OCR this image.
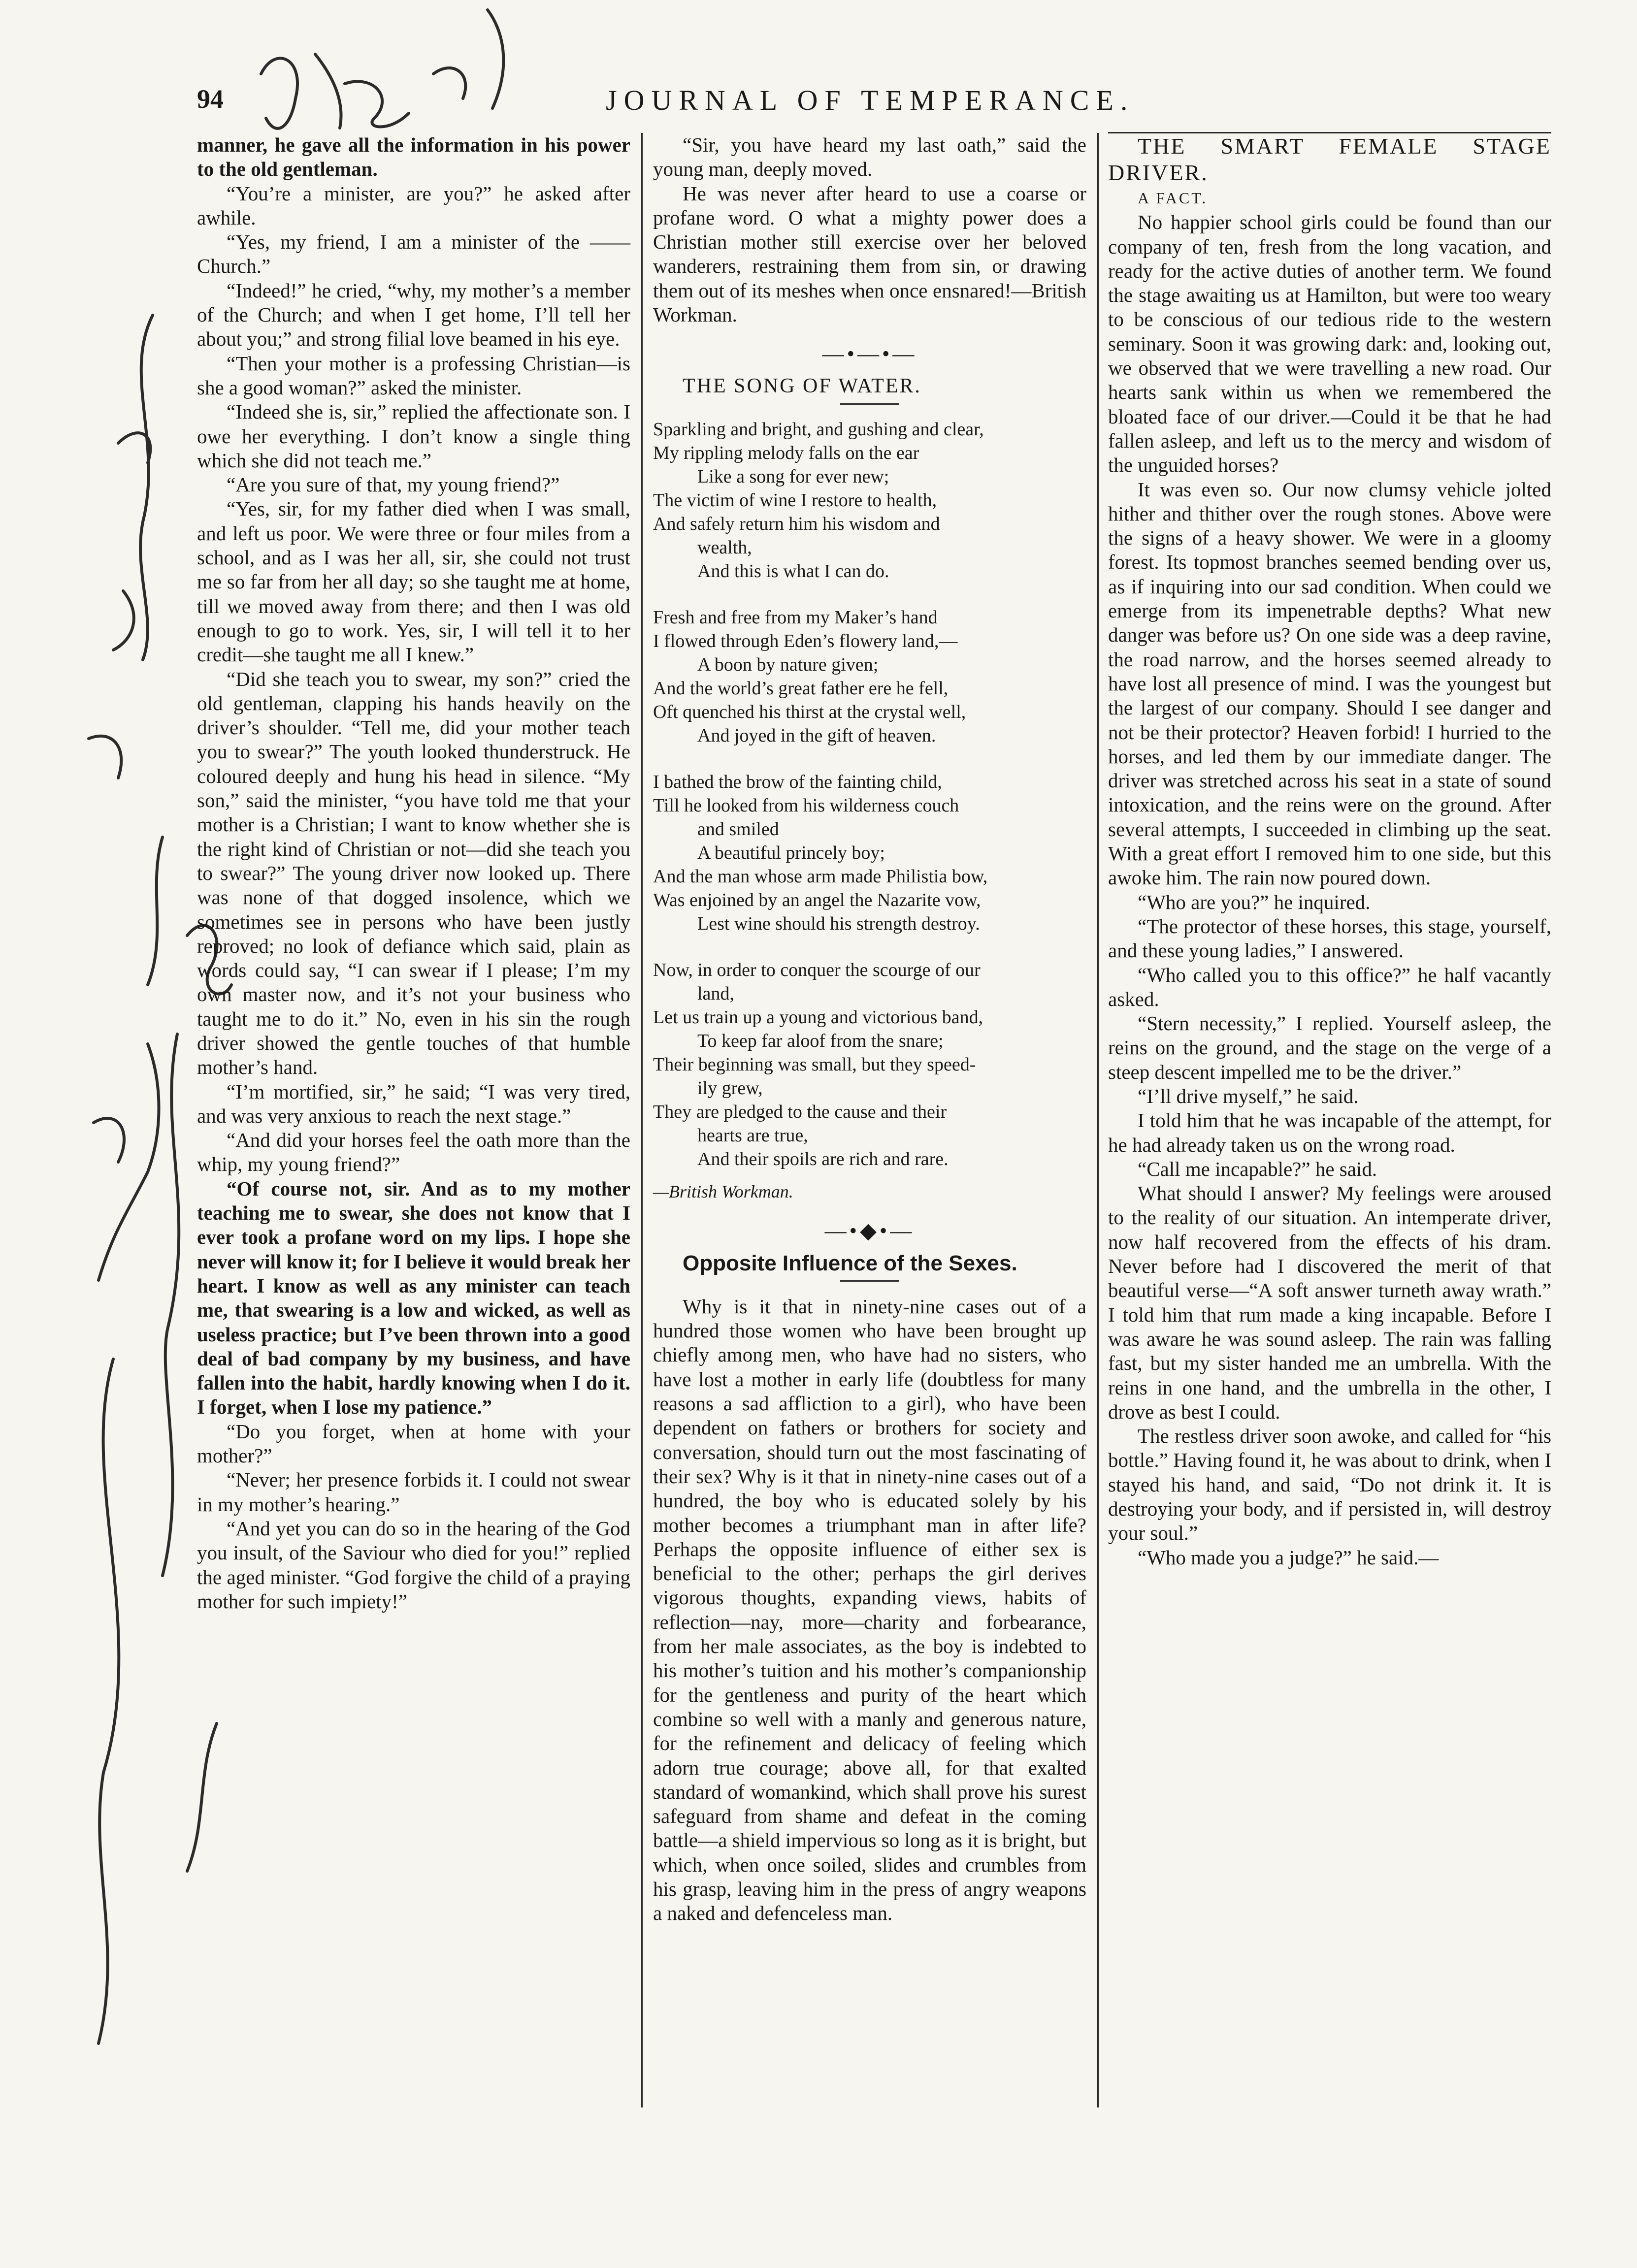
94	JOURNAL OF TEMPERANCE.

manner, he gave all the information in his power to the old gentleman.

“You’re a minister, are you?” he asked after awhile.

“Yes, my friend, I am a minister of the —— Church.”

“Indeed!” he cried, “why, my mother’s a member of the Church; and when I get home, I’ll tell her about you;” and strong filial love beamed in his eye.

“Then your mother is a professing Christian—is she a good woman?” asked the minister.

“Indeed she is, sir,” replied the affectionate son. I owe her everything. I don’t know a single thing which she did not teach me.”

“Are you sure of that, my young friend?”

“Yes, sir, for my father died when I was small, and left us poor. We were three or four miles from a school, and as I was her all, sir, she could not trust me so far from her all day; so she taught me at home, till we moved away from there; and then I was old enough to go to work. Yes, sir, I will tell it to her credit—she taught me all I knew.”

“Did she teach you to swear, my son?” cried the old gentleman, clapping his hands heavily on the driver’s shoulder. “Tell me, did your mother teach you to swear?” The youth looked thunderstruck. He coloured deeply and hung his head in silence. “My son,” said the minister, “you have told me that your mother is a Christian; I want to know whether she is the right kind of Christian or not—did she teach you to swear?” The young driver now looked up. There was none of that dogged insolence, which we sometimes see in persons who have been justly reproved; no look of defiance which said, plain as words could say, “I can swear if I please; I’m my own master now, and it’s not your business who taught me to do it.” No, even in his sin the rough driver showed the gentle touches of that humble mother’s hand.

“I’m mortified, sir,” he said; “I was very tired, and was very anxious to reach the next stage.”

“And did your horses feel the oath more than the whip, my young friend?”

“Of course not, sir. And as to my mother teaching me to swear, she does not know that I ever took a profane word on my lips. I hope she never will know it; for I believe it would break her heart. I know as well as any minister can teach me, that swearing is a low and wicked, as well as useless practice; but I’ve been thrown into a good deal of bad company by my business, and have fallen into the habit, hardly knowing when I do it. I forget, when I lose my patience.”

“Do you forget, when at home with your mother?”

“Never; her presence forbids it. I could not swear in my mother’s hearing.”

“And yet you can do so in the hearing of the God you insult, of the Saviour who died for you!” replied the aged minister. “God forgive the child of a praying mother for such impiety!”

“Sir, you have heard my last oath,” said the young man, deeply moved.

He was never after heard to use a coarse or profane word. O what a mighty power does a Christian mother still exercise over her beloved wanderers, restraining them from sin, or drawing them out of its meshes when once ensnared!—British Workman.

—•—•—

THE SONG OF WATER.

Sparkling and bright, and gushing and clear,

My rippling melody falls on the ear

Like a song for ever new;

The victim of wine I restore to health,

And safely return him his wisdom and

wealth,

And this is what I can do.

Fresh and free from my Maker’s hand

I flowed through Eden’s flowery land,—

A boon by nature given;

And the world’s great father ere he fell,

Oft quenched his thirst at the crystal well,

And joyed in the gift of heaven.

I bathed the brow of the fainting child,

Till he looked from his wilderness couch

and smiled

A beautiful princely boy;

And the man whose arm made Philistia bow,

Was enjoined by an angel the Nazarite vow,

Lest wine should his strength destroy.

Now, in order to conquer the scourge of our

land,

Let us train up a young and victorious band,

To keep far aloof from the snare;

Their beginning was small, but they speed-

ily grew,

They are pledged to the cause and their

hearts are true,

And their spoils are rich and rare.

—British Workman.

—•◆•—

Opposite Influence of the Sexes.

Why is it that in ninety-nine cases out of a hundred those women who have been brought up chiefly among men, who have had no sisters, who have lost a mother in early life (doubtless for many reasons a sad affliction to a girl), who have been dependent on fathers or brothers for society and conversation, should turn out the most fascinating of their sex? Why is it that in ninety-nine cases out of a hundred, the boy who is educated solely by his mother becomes a triumphant man in after life? Perhaps the opposite influence of either sex is beneficial to the other; perhaps the girl derives vigorous thoughts, expanding views, habits of reflection—nay, more—charity and forbearance, from her male associates, as the boy is indebted to his mother’s tuition and his mother’s companionship for the gentleness and purity of the heart which combine so well with a manly and generous nature, for the refinement and delicacy of feeling which adorn true courage; above all, for that exalted standard of womankind, which shall prove his surest safeguard from shame and defeat in the coming battle—a shield impervious so long as it is bright, but which, when once soiled, slides and crumbles from his grasp, leaving him in the press of angry weapons a naked and defenceless man.

THE SMART FEMALE STAGE DRIVER.

A FACT.

No happier school girls could be found than our company of ten, fresh from the long vacation, and ready for the active duties of another term. We found the stage awaiting us at Hamilton, but were too weary to be conscious of our tedious ride to the western seminary. Soon it was growing dark: and, looking out, we observed that we were travelling a new road. Our hearts sank within us when we remembered the bloated face of our driver.—Could it be that he had fallen asleep, and left us to the mercy and wisdom of the unguided horses?

It was even so. Our now clumsy vehicle jolted hither and thither over the rough stones. Above were the signs of a heavy shower. We were in a gloomy forest. Its topmost branches seemed bending over us, as if inquiring into our sad condition. When could we emerge from its impenetrable depths? What new danger was before us? On one side was a deep ravine, the road narrow, and the horses seemed already to have lost all presence of mind. I was the youngest but the largest of our company. Should I see danger and not be their protector? Heaven forbid! I hurried to the horses, and led them by our immediate danger. The driver was stretched across his seat in a state of sound intoxication, and the reins were on the ground. After several attempts, I succeeded in climbing up the seat. With a great effort I removed him to one side, but this awoke him. The rain now poured down.

“Who are you?” he inquired.

“The protector of these horses, this stage, yourself, and these young ladies,” I answered.

“Who called you to this office?” he half vacantly asked.

“Stern necessity,” I replied. Yourself asleep, the reins on the ground, and the stage on the verge of a steep descent impelled me to be the driver.”

“I’ll drive myself,” he said.

I told him that he was incapable of the attempt, for he had already taken us on the wrong road.

“Call me incapable?” he said.

What should I answer? My feelings were aroused to the reality of our situation. An intemperate driver, now half recovered from the effects of his dram. Never before had I discovered the merit of that beautiful verse—“A soft answer turneth away wrath.” I told him that rum made a king incapable. Before I was aware he was sound asleep. The rain was falling fast, but my sister handed me an umbrella. With the reins in one hand, and the umbrella in the other, I drove as best I could.

The restless driver soon awoke, and called for “his bottle.” Having found it, he was about to drink, when I stayed his hand, and said, “Do not drink it. It is destroying your body, and if persisted in, will destroy your soul.”

“Who made you a judge?” he said.—
